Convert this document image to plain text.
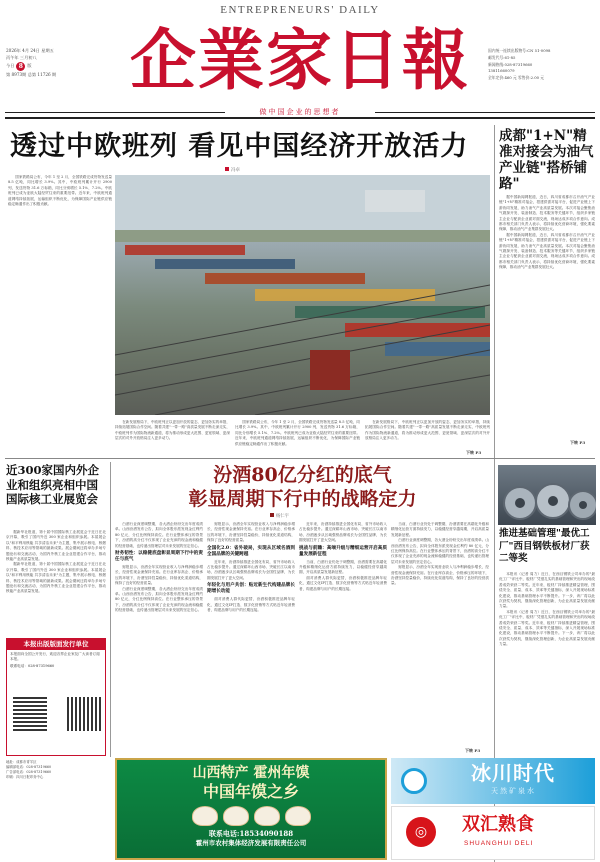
ENTREPRENEURS' DAILY
2026年 4月 24日 星期五
丙午年 三月初八
今日 8	版
第 8973期 总第 11726 期	企業家日報	国内统一连续出版物号:CN 51-0098
邮发代号:61-85
新闻热线:028-87319660
13811660079
全年定价:460 元 零售价:2.00 元
做中国企业的思想者
透过中欧班列 看见中国经济开放活力
冯卓

国家铁路局公布，今年 1 至 2 月，全国铁路完成货物发送量 8.5 亿吨，同比增长 3.9%。其中，中欧班列累计开行 2900 列，发送货物 31.6 万标箱，同比分别增长 5.1%、7.2%。中欧班列已成为亚欧大陆经贸往来的重要纽带。近年来，中欧班列通道网络持续拓展，运输组织不断优化，为保障国际产业链供应链稳定畅通作出了积极贡献。

在新发展格局下，中欧班列正以更加开放的姿态、更加务实的举措，持续拓展国际合作空间。随着共建"一带一路"高质量发展不断走深走实，中欧班列作为国际物流新通道，将为推动形成更大范围、更宽领域、更深层次的对外开放格局注入更多动力。

国家铁路局公布，今年 1 至 2 月，全国铁路完成货物发送量 8.5 亿吨，同比增长 3.9%。其中，中欧班列累计开行 2900 列，发送货物 31.6 万标箱，同比分别增长 5.1%、7.2%。中欧班列已成为亚欧大陆经贸往来的重要纽带。近年来，中欧班列通道网络持续拓展，运输组织不断优化，为保障国际产业链供应链稳定畅通作出了积极贡献。

在新发展格局下，中欧班列正以更加开放的姿态、更加务实的举措，持续拓展国际合作空间。随着共建"一带一路"高质量发展不断走深走实，中欧班列作为国际物流新通道，将为推动形成更大范围、更宽领域、更深层次的对外开放格局注入更多动力。

下转 P3
成都"1+N"精准对接会为油气产业链"搭桥铺路"

据中国新闻网报道，近日，四川省成都市召开油气产业链"1+N"精准对接会，搭建供需对接平台，促进产业链上下游协同发展，助力油气产业高质量发展。本次对接会聚焦油气勘探开发、装备制造、技术服务等关键环节，组织多家链主企业与配套企业面对面交流，现场达成多项合作意向。成都市相关部门负责人表示，将持续优化营商环境，强化要素保障，推动油气产业集群发展壮大。

据中国新闻网报道，近日，四川省成都市召开油气产业链"1+N"精准对接会，搭建供需对接平台，促进产业链上下游协同发展，助力油气产业高质量发展。本次对接会聚焦油气勘探开发、装备制造、技术服务等关键环节，组织多家链主企业与配套企业面对面交流，现场达成多项合作意向。成都市相关部门负责人表示，将持续优化营商环境，强化要素保障，推动油气产业集群发展壮大。

下转 P3
近300家国内外企业和组织亮相中国国际核工业展览会

据新华社报道，第十届中国国际核工业展览会于近日在北京开幕，吸引了国内外近 300 家企业和组织参展。本届展会以"和平利用核能 共享清洁未来"为主题，集中展示核电、核燃料、核技术应用等领域的最新成果。展会期间还将举办多场专题论坛和交流活动，为国内外核工业企业搭建合作平台，推动核能产业高质量发展。

据新华社报道，第十届中国国际核工业展览会于近日在北京开幕，吸引了国内外近 300 家企业和组织参展。本届展会以"和平利用核能 共享清洁未来"为主题，集中展示核电、核燃料、核技术应用等领域的最新成果。展会期间还将举办多场专题论坛和交流活动，为国内外核工业企业搭建合作平台，推动核能产业高质量发展。

本报出版版面发行单位
本报面向全国公开发行，欢迎各界企业家及广大读者订阅本报。
联系电话：028-87319660
地址：成都市青羊区
编辑部电话：028-87319660
广告部电话：028-87319660
印刷：四川日报印务中心
汾酒80亿分红的底气
彰显周期下行中的战略定力
杨仁宇

白酒行业深度调整期，各大酒企纷纷交出年度成绩单。山西汾酒发布公告，拟向全体股东派发现金红利约 80 亿元，分红比例保持高位。在行业整体承压的背景下，汾酒的高分红不仅体现了企业充沛的现金流和稳健的经营基础，也传递出管理层对未来发展的坚定信心。

财务韧性：以稳健底盘彰显周期下行中的责任与底气

财报显示，汾酒全年实现营业收入与净利润稳步增长，经营性现金流保持充裕。在行业库存高企、价格承压的环境下，汾酒坚持控量稳价，持续优化渠道结构，保持了良好的经营质量。

白酒行业深度调整期，各大酒企纷纷交出年度成绩单。山西汾酒发布公告，拟向全体股东派发现金红利约 80 亿元，分红比例保持高位。在行业整体承压的背景下，汾酒的高分红不仅体现了企业充沛的现金流和稳健的经营基础，也传递出管理层对未来发展的坚定信心。

财报显示，汾酒全年实现营业收入与净利润稳步增长，经营性现金流保持充裕。在行业库存高企、价格承压的环境下，汾酒坚持控量稳价，持续优化渠道结构，保持了良好的经营质量。

全国化2.0：省外破局，实现从区域名酒到全国品牌的关键跨越

近年来，汾酒持续推进全国化布局，省外市场收入占比稳步提升。通过深耕环山西市场、突破长江以南市场，汾酒逐步从区域强势品牌成长为全国性品牌，为长期发展打开了更大空间。

年轻化与用户共创：贴近新生代构建品牌长期增长动能

面对消费人群代际更替，汾酒积极推进品牌年轻化，通过文化IP打造、数字化营销等方式贴近年轻消费者，构建品牌与用户的长期连接。

近年来，汾酒持续推进全国化布局，省外市场收入占比稳步提升。通过深耕环山西市场、突破长江以南市场，汾酒逐步从区域强势品牌成长为全国性品牌，为长期发展打开了更大空间。

挑战与前瞻：高端升级与精细运营开启高质量发展新征程

当前，白酒行业仍处于调整期，汾酒需要在高端化升级和精细化运营方面持续发力，以稳健经营穿越周期，开启高质量发展新征程。

面对消费人群代际更替，汾酒积极推进品牌年轻化，通过文化IP打造、数字化营销等方式贴近年轻消费者，构建品牌与用户的长期连接。

当前，白酒行业仍处于调整期，汾酒需要在高端化升级和精细化运营方面持续发力，以稳健经营穿越周期，开启高质量发展新征程。

白酒行业深度调整期，各大酒企纷纷交出年度成绩单。山西汾酒发布公告，拟向全体股东派发现金红利约 80 亿元，分红比例保持高位。在行业整体承压的背景下，汾酒的高分红不仅体现了企业充沛的现金流和稳健的经营基础，也传递出管理层对未来发展的坚定信心。

财报显示，汾酒全年实现营业收入与净利润稳步增长，经营性现金流保持充裕。在行业库存高企、价格承压的环境下，汾酒坚持控量稳价，持续优化渠道结构，保持了良好的经营质量。

下转 P3
推进基础管理"最优工厂"西目钢铁板材厂获二等奖

本报讯（记者 周力）近日，在西目钢铁公司举办的"最优工厂"评比中，板材厂凭借扎实的基础管理和突出的现场改善成效荣获二等奖。近年来，板材厂持续推进精益管理，围绕安全、质量、成本、效率等关键指标，深入开展现场标准化建设，推动基础管理水平不断提升。下一步，该厂将以此次获奖为契机，继续深化管理创新，为企业高质量发展贡献力量。

本报讯（记者 周力）近日，在西目钢铁公司举办的"最优工厂"评比中，板材厂凭借扎实的基础管理和突出的现场改善成效荣获二等奖。近年来，板材厂持续推进精益管理，围绕安全、质量、成本、效率等关键指标，深入开展现场标准化建设，推动基础管理水平不断提升。下一步，该厂将以此次获奖为契机，继续深化管理创新，为企业高质量发展贡献力量。

山西特产 霍州年馍
中国年馍之乡
联系电话:18534090188
霍州市农村集体经济发展有限责任公司
冰川时代
天然矿泉水
◎	双汇熟食
SHUANGHUI DELI
